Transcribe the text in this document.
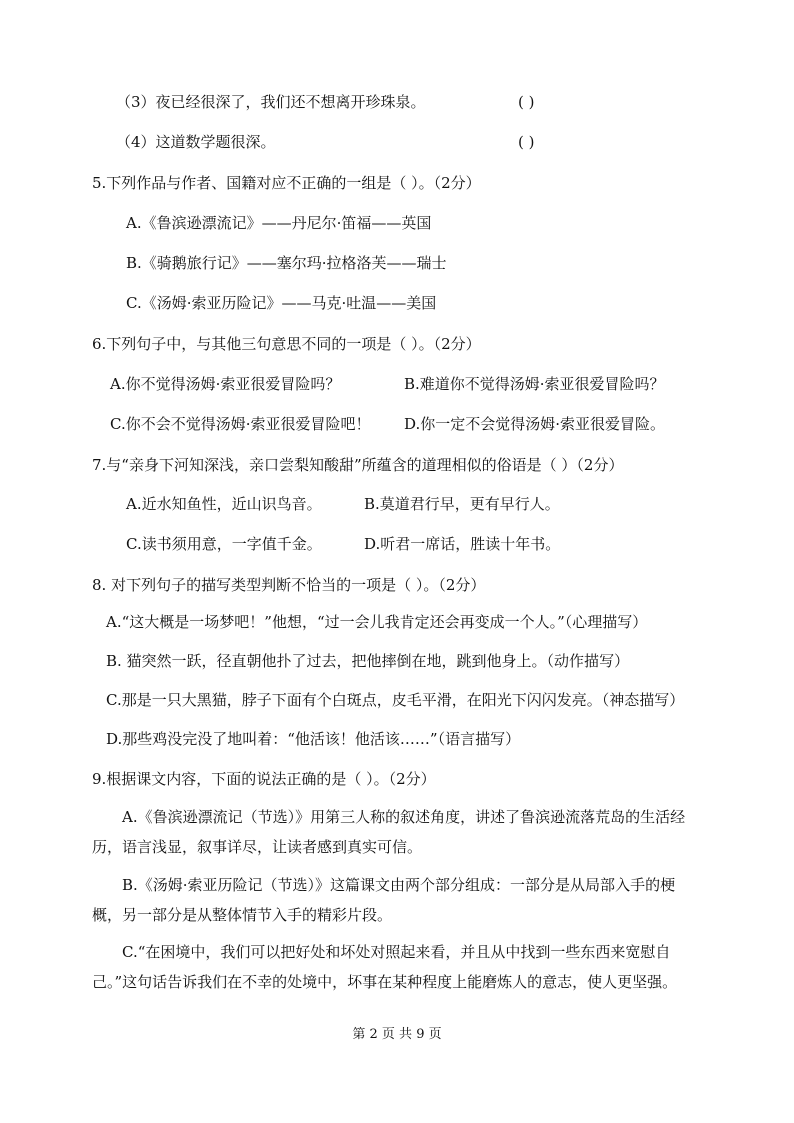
（3）夜已经很深了，我们还不想离开珍珠泉。	( )
（4）这道数学题很深。	( )
5.下列作品与作者、国籍对应不正确的一组是（ ）。（2分）
A.《鲁滨逊漂流记》——丹尼尔·笛福——英国
B.《骑鹅旅行记》——塞尔玛·拉格洛芙——瑞士
C.《汤姆·索亚历险记》——马克·吐温——美国
6.下列句子中，与其他三句意思不同的一项是（ ）。（2分）
A.你不觉得汤姆·索亚很爱冒险吗？	B.难道你不觉得汤姆·索亚很爱冒险吗？
C.你不会不觉得汤姆·索亚很爱冒险吧！ D.你一定不会觉得汤姆·索亚很爱冒险。
7.与“亲身下河知深浅，亲口尝梨知酸甜”所蕴含的道理相似的俗语是（ ）（2分）
A.近水知鱼性，近山识鸟音。	B.莫道君行早，更有早行人。
C.读书须用意，一字值千金。	D.听君一席话，胜读十年书。
8. 对下列句子的描写类型判断不恰当的一项是（ ）。（2分）
A.“这大概是一场梦吧！”他想，“过一会儿我肯定还会再变成一个人。”（心理描写）
B. 猫突然一跃，径直朝他扑了过去，把他摔倒在地，跳到他身上。（动作描写）
C.那是一只大黑猫，脖子下面有个白斑点，皮毛平滑，在阳光下闪闪发亮。（神态描写）
D.那些鸡没完没了地叫着：“他活该！他活该……”（语言描写）
9.根据课文内容，下面的说法正确的是（ ）。（2分）
A.《鲁滨逊漂流记（节选）》用第三人称的叙述角度，讲述了鲁滨逊流落荒岛的生活经历，语言浅显，叙事详尽，让读者感到真实可信。
B.《汤姆·索亚历险记（节选）》这篇课文由两个部分组成：一部分是从局部入手的梗概，另一部分是从整体情节入手的精彩片段。
C.“在困境中，我们可以把好处和坏处对照起来看，并且从中找到一些东西来宽慰自己。”这句话告诉我们在不幸的处境中，坏事在某种程度上能磨炼人的意志，使人更坚强。
第 2 页 共 9 页
